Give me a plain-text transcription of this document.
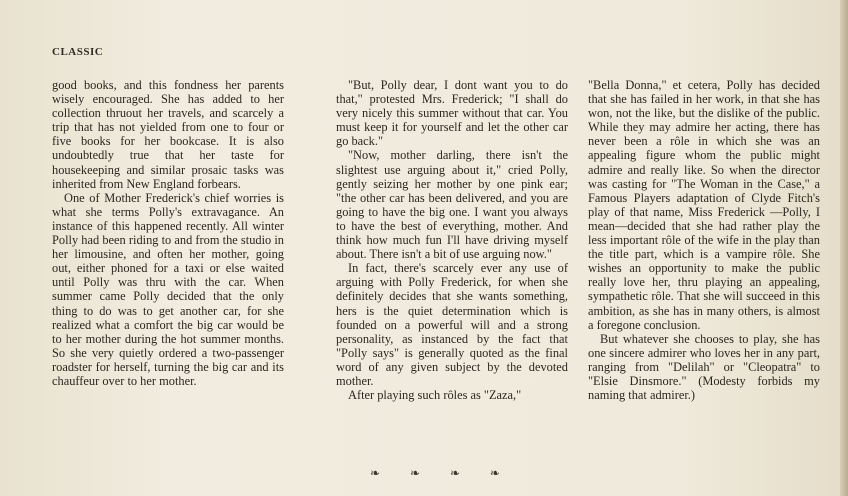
CLASSIC

good books, and this fondness her parents wisely encouraged. She has added to her collection thruout her travels, and scarcely a trip that has not yielded from one to four or five books for her bookcase. It is also undoubtedly true that her taste for housekeeping and similar prosaic tasks was inherited from New England forbears.

One of Mother Frederick's chief worries is what she terms Polly's extravagance. An instance of this happened recently. All winter Polly had been riding to and from the studio in her limousine, and often her mother, going out, either phoned for a taxi or else waited until Polly was thru with the car. When summer came Polly decided that the only thing to do was to get another car, for she realized what a comfort the big car would be to her mother during the hot summer months. So she very quietly ordered a two-passenger roadster for herself, turning the big car and its chauffeur over to her mother.

"But, Polly dear, I dont want you to do that," protested Mrs. Frederick; "I shall do very nicely this summer without that car. You must keep it for yourself and let the other car go back."

"Now, mother darling, there isn't the slightest use arguing about it," cried Polly, gently seizing her mother by one pink ear; "the other car has been delivered, and you are going to have the big one. I want you always to have the best of everything, mother. And think how much fun I'll have driving myself about. There isn't a bit of use arguing now."

In fact, there's scarcely ever any use of arguing with Polly Frederick, for when she definitely decides that she wants something, hers is the quiet determination which is founded on a powerful will and a strong personality, as instanced by the fact that "Polly says" is generally quoted as the final word of any given subject by the devoted mother.

After playing such rôles as "Zaza,"

"Bella Donna," et cetera, Polly has decided that she has failed in her work, in that she has won, not the like, but the dislike of the public. While they may admire her acting, there has never been a rôle in which she was an appealing figure whom the public might admire and really like. So when the director was casting for "The Woman in the Case," a Famous Players adaptation of Clyde Fitch's play of that name, Miss Frederick —Polly, I mean—decided that she had rather play the less important rôle of the wife in the play than the title part, which is a vampire rôle. She wishes an opportunity to make the public really love her, thru playing an appealing, sympathetic rôle. That she will succeed in this ambition, as she has in many others, is almost a foregone conclusion.

But whatever she chooses to play, she has one sincere admirer who loves her in any part, ranging from "Delilah" or "Cleopatra" to "Elsie Dinsmore." (Modesty forbids my naming that admirer.)

❧ ❧ ❧ ❧
